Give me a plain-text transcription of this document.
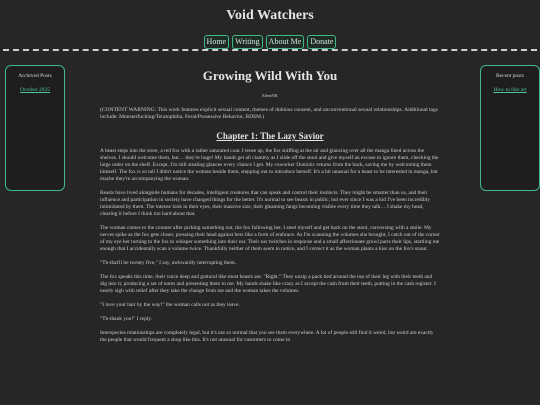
Void Watchers
Home Writing About Me Donate
Archived Posts
October 2025
Recent posts
How to like art
Growing Wild With You
EdenNK

(CONTENT WARNING: This work features explicit sexual content, themes of dubious consent, and unconventional sexual relationships. Additional tags include: Monsterfucking/Teratophilia, Feral/Possessive Behavior, BDSM.)

Chapter 1: The Lazy Savior

A beast steps into the store, a red fox with a rather saturated coat. I tense up, the fox sniffing at the air and glancing over all the manga lined across the shelves. I should welcome them, but… they're huge! My hands get all clammy as I slide off the stool and give myself an excuse to ignore them, checking the large order on the shelf. Except, I'm still stealing glances every chance I get. My coworker Dominic returns from the back, saving me by welcoming them himself. The fox is so tall I didn't notice the woman beside them, stepping out to introduce herself. It's a bit unusual for a beast to be interested in manga, but maybe they're accompanying the woman.

Beasts have lived alongside humans for decades, intelligent creatures that can speak and control their instincts. They might be smarter than us, and their influence and participation in society have changed things for the better. It's normal to see beasts in public, but ever since I was a kid I've been incredibly intimidated by them. The intense look in their eyes, their massive size, their gleaming fangs becoming visible every time they talk… I shake my head, clearing it before I think too hard about that.

The woman comes to the counter after picking something out, the fox following her. I steel myself and get back on the stool, conversing with a smile. My nerves spike as the fox gets closer, pressing their head against hers like a form of embrace. As I'm scanning the volumes she brought, I catch out of the corner of my eye her turning to the fox to whisper something into their ear. Their ear twitches in response and a small affectionate growl parts their lips, startling me enough that I accidentally scan a volume twice. Thankfully neither of them seem to notice, and I correct it as the woman plants a kiss on the fox's snout.

"Th-that'll be twenty five," I say, awkwardly interrupting them.

The fox speaks this time, their voice deep and guttural like most beasts are. "Right." They unzip a pack tied around the top of their leg with their teeth and dig into it, producing a set of notes and presenting them to me. My hands shake like crazy as I accept the cash from their teeth, putting in the cash register. I nearly sigh with relief after they take the change from me and the woman takes the volumes.

"I love your hair by the way!" the woman calls out as they leave.

"Th-thank you!" I reply.

Interspecies relationships are completely legal, but it's not so normal that you see them everywhere. A lot of people still find it weird, but weird are exactly the people that would frequent a shop like this. It's not unusual for customers to come in
